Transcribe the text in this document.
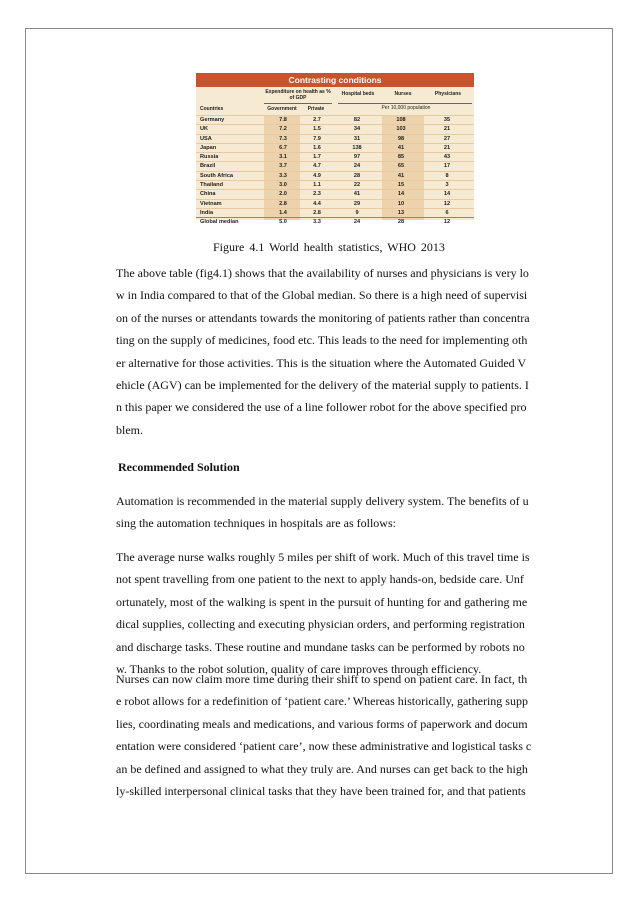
Contrasting conditions
Expenditure on health as % of GDP
Hospital beds	Nurses	Physicians
Countries	Government	Private	Per 10,000 population
Germany	7.8	2.7	82	108	35
UK	7.2	1.5	34	103	21
USA	7.3	7.9	31	98	27
Japan	6.7	1.6	138	41	21
Russia	3.1	1.7	97	85	43
Brazil	3.7	4.7	24	65	17
South Africa	3.3	4.9	28	41	8
Thailand	3.0	1.1	22	15	3
China	2.0	2.3	41	14	14
Vietnam	2.8	4.4	29	10	12
India	1.4	2.8	9	13	6
Global median	5.0	3.3	24	28	12
Figure 4.1 World health statistics, WHO 2013
The above table (fig4.1) shows that the availability of nurses and physicians is very lo
w in India compared to that of the Global median. So there is a high need of supervisi
on of the nurses or attendants towards the monitoring of patients rather than concentra
ting on the supply of medicines, food etc. This leads to the need for implementing oth
er alternative for those activities. This is the situation where the Automated Guided V
ehicle (AGV) can be implemented for the delivery of the material supply to patients. I
n this paper we considered the use of a line follower robot for the above specified pro
blem.
Recommended Solution
Automation is recommended in the material supply delivery system. The benefits of u
sing the automation techniques in hospitals are as follows:
The average nurse walks roughly 5 miles per shift of work. Much of this travel time is
not spent travelling from one patient to the next to apply hands-on, bedside care. Unf
ortunately, most of the walking is spent in the pursuit of hunting for and gathering me
dical supplies, collecting and executing physician orders, and performing registration
and discharge tasks. These routine and mundane tasks can be performed by robots no
w. Thanks to the robot solution, quality of care improves through efficiency.
Nurses can now claim more time during their shift to spend on patient care. In fact, th
e robot allows for a redefinition of ‘patient care.’ Whereas historically, gathering supp
lies, coordinating meals and medications, and various forms of paperwork and docum
entation were considered ‘patient care’, now these administrative and logistical tasks c
an be defined and assigned to what they truly are. And nurses can get back to the high
ly-skilled interpersonal clinical tasks that they have been trained for, and that patients
